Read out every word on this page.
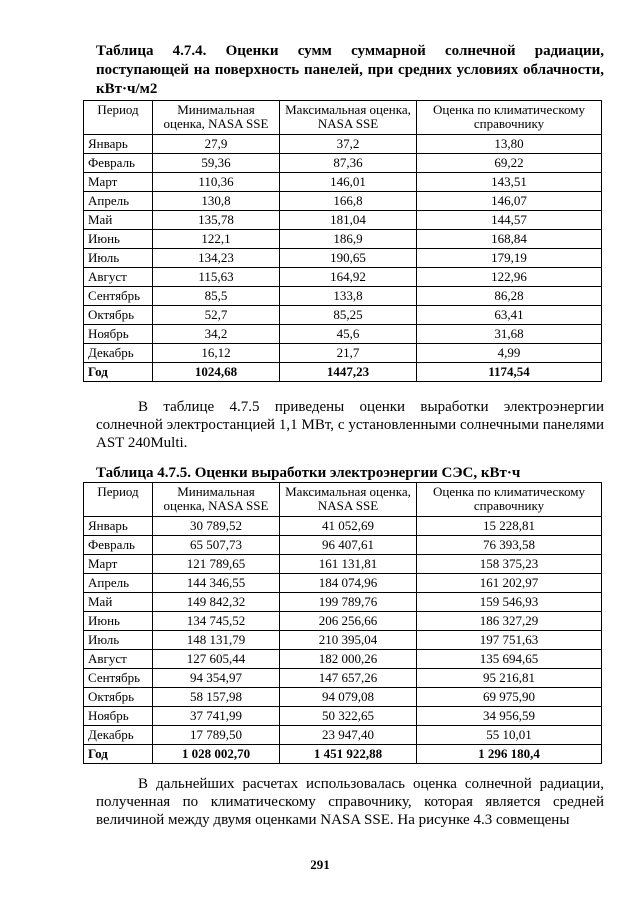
Таблица 4.7.4. Оценки сумм суммарной солнечной радиации, поступающей на поверхность панелей, при средних условиях облачности, кВт·ч/м2
Период	Минимальная оценка, NASA SSE	Максимальная оценка, NASA SSE	Оценка по климатическому справочнику
Январь	27,9	37,2	13,80
Февраль	59,36	87,36	69,22
Март	110,36	146,01	143,51
Апрель	130,8	166,8	146,07
Май	135,78	181,04	144,57
Июнь	122,1	186,9	168,84
Июль	134,23	190,65	179,19
Август	115,63	164,92	122,96
Сентябрь	85,5	133,8	86,28
Октябрь	52,7	85,25	63,41
Ноябрь	34,2	45,6	31,68
Декабрь	16,12	21,7	4,99
Год	1024,68	1447,23	1174,54
В таблице 4.7.5 приведены оценки выработки электроэнергии солнечной электростанцией 1,1 МВт, с установленными солнечными панелями AST 240Multi.
Таблица 4.7.5. Оценки выработки электроэнергии СЭС, кВт·ч
Период	Минимальная оценка, NASA SSE	Максимальная оценка, NASA SSE	Оценка по климатическому справочнику
Январь	30 789,52	41 052,69	15 228,81
Февраль	65 507,73	96 407,61	76 393,58
Март	121 789,65	161 131,81	158 375,23
Апрель	144 346,55	184 074,96	161 202,97
Май	149 842,32	199 789,76	159 546,93
Июнь	134 745,52	206 256,66	186 327,29
Июль	148 131,79	210 395,04	197 751,63
Август	127 605,44	182 000,26	135 694,65
Сентябрь	94 354,97	147 657,26	95 216,81
Октябрь	58 157,98	94 079,08	69 975,90
Ноябрь	37 741,99	50 322,65	34 956,59
Декабрь	17 789,50	23 947,40	55 10,01
Год	1 028 002,70	1 451 922,88	1 296 180,4
В дальнейших расчетах использовалась оценка солнечной радиации, полученная по климатическому справочнику, которая является средней величиной между двумя оценками NASA SSE. На рисунке 4.3 совмещены
291
